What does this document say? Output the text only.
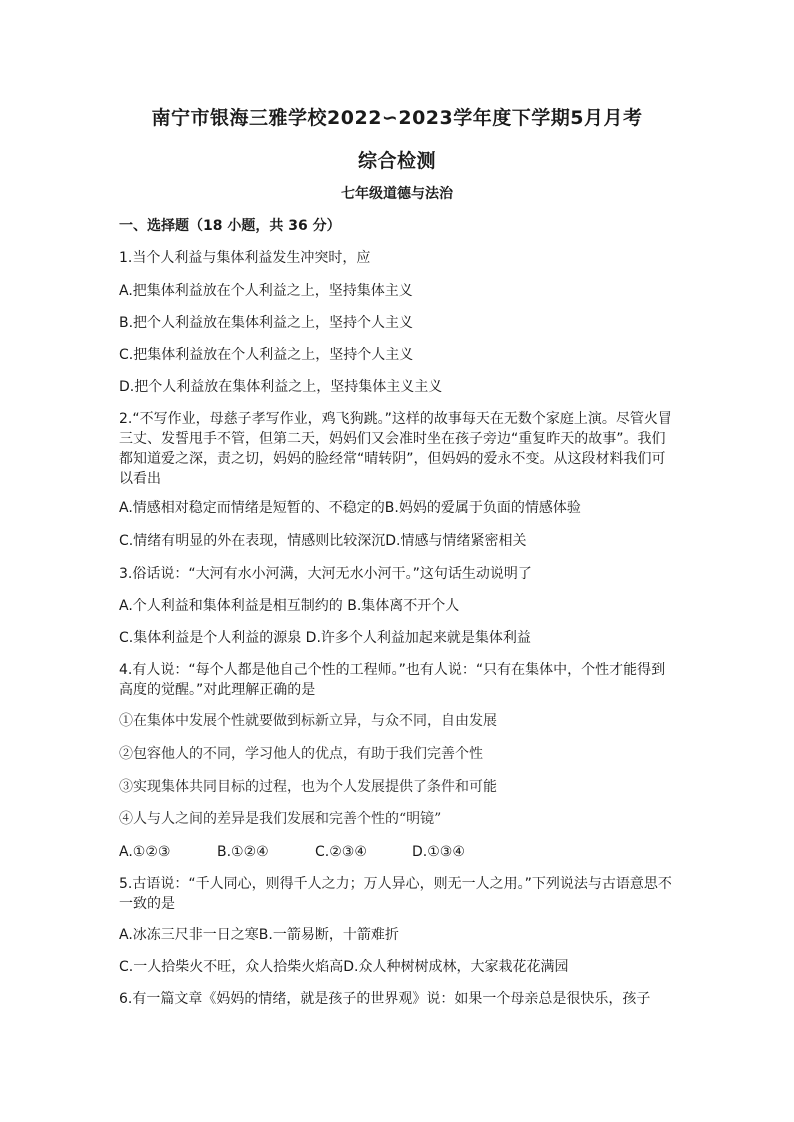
南宁市银海三雅学校2022∽2023学年度下学期5月月考
综合检测
七年级道德与法治
一、选择题（18 小题，共 36 分）
1.当个人利益与集体利益发生冲突时，应
A.把集体利益放在个人利益之上，坚持集体主义
B.把个人利益放在集体利益之上，坚持个人主义
C.把集体利益放在个人利益之上，坚持个人主义
D.把个人利益放在集体利益之上，坚持集体主义主义
2.“不写作业，母慈子孝写作业，鸡飞狗跳。”这样的故事每天在无数个家庭上演。尽管火冒三丈、发誓甩手不管，但第二天，妈妈们又会准时坐在孩子旁边“重复昨天的故事”。我们都知道爱之深，责之切，妈妈的脸经常“晴转阴”，但妈妈的爱永不变。从这段材料我们可以看出
A.情感相对稳定而情绪是短暂的、不稳定的B.妈妈的爱属于负面的情感体验
C.情绪有明显的外在表现，情感则比较深沉D.情感与情绪紧密相关
3.俗话说：“大河有水小河满，大河无水小河干。”这句话生动说明了
A.个人利益和集体利益是相互制约的 B.集体离不开个人
C.集体利益是个人利益的源泉 D.许多个人利益加起来就是集体利益
4.有人说：“每个人都是他自己个性的工程师。”也有人说：“只有在集体中，个性才能得到高度的觉醒。”对此理解正确的是
①在集体中发展个性就要做到标新立异，与众不同，自由发展
②包容他人的不同，学习他人的优点，有助于我们完善个性
③实现集体共同目标的过程，也为个人发展提供了条件和可能
④人与人之间的差异是我们发展和完善个性的“明镜”
A.①②③	B.①②④	C.②③④	D.①③④
5.古语说：“千人同心，则得千人之力；万人异心，则无一人之用。”下列说法与古语意思不一致的是
A.冰冻三尺非一日之寒B.一箭易断，十箭难折
C.一人拾柴火不旺，众人拾柴火焰高D.众人种树树成林，大家栽花花满园
6.有一篇文章《妈妈的情绪，就是孩子的世界观》说：如果一个母亲总是很快乐，孩子
